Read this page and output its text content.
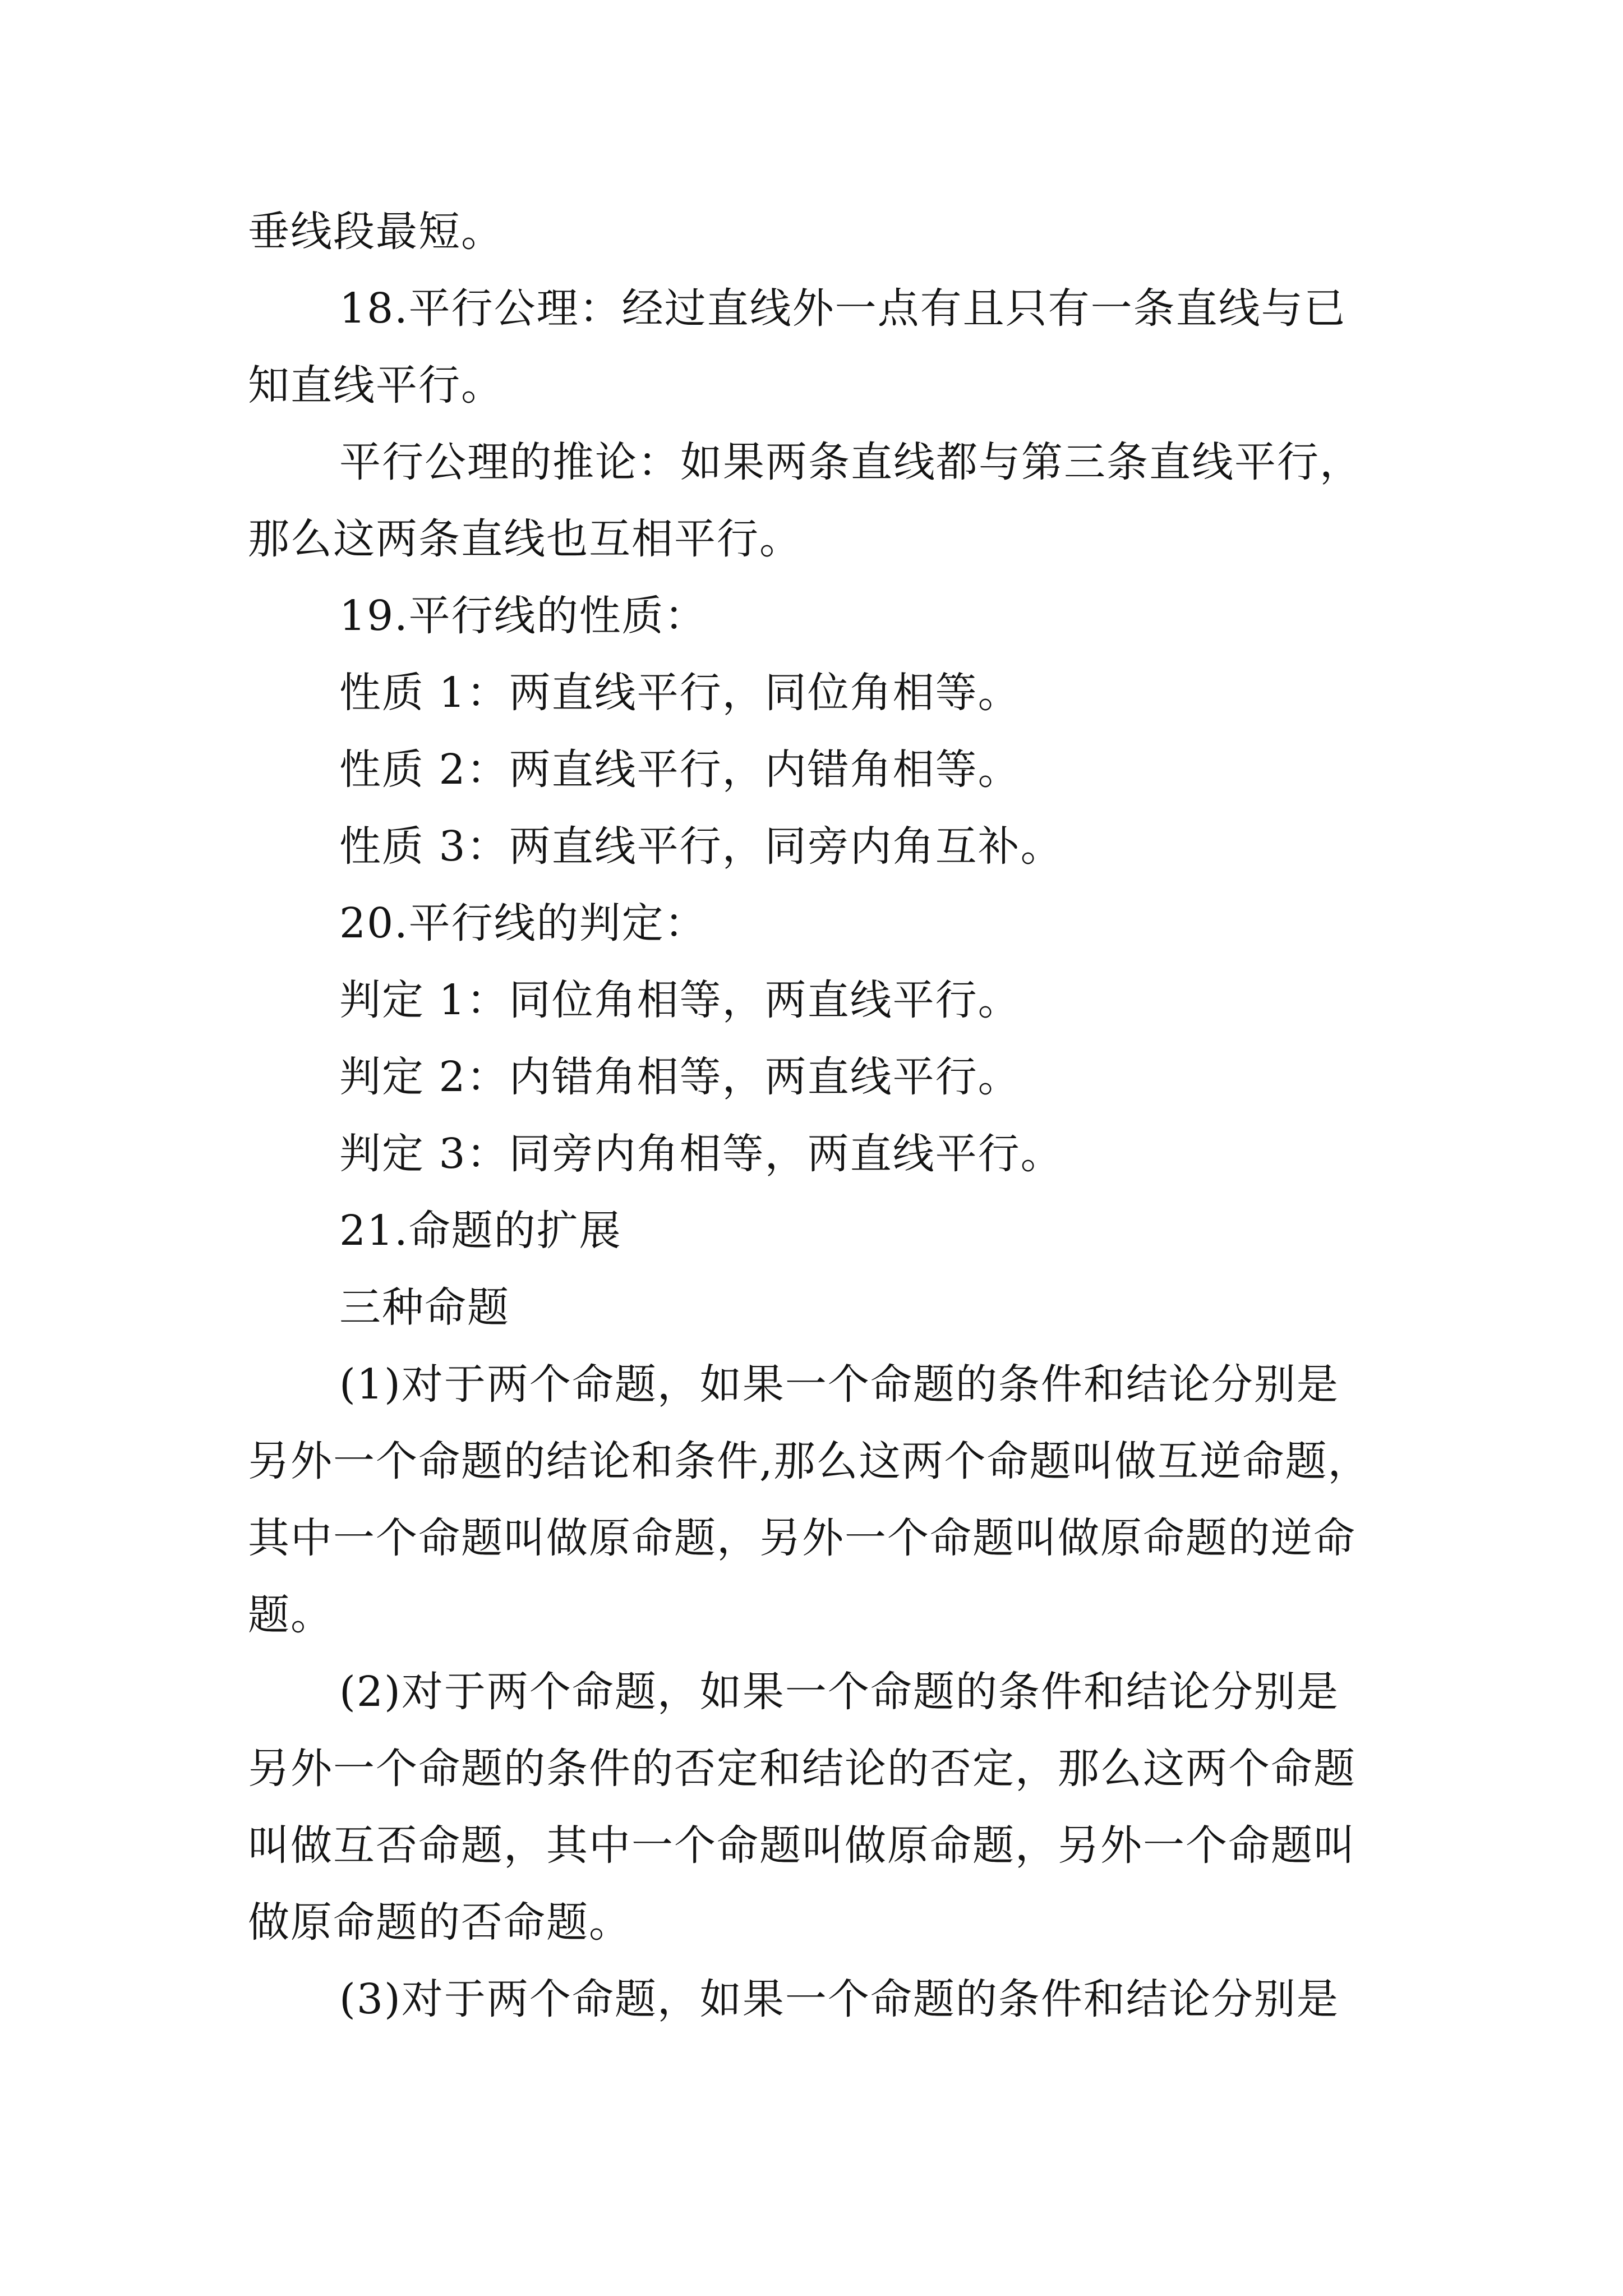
垂线段最短。
18.平行公理：经过直线外一点有且只有一条直线与已
知直线平行。
平行公理的推论：如果两条直线都与第三条直线平行，
那么这两条直线也互相平行。
19.平行线的性质：
性质 1：两直线平行，同位角相等。
性质 2：两直线平行，内错角相等。
性质 3：两直线平行，同旁内角互补。
20.平行线的判定：
判定 1：同位角相等，两直线平行。
判定 2：内错角相等，两直线平行。
判定 3：同旁内角相等，两直线平行。
21.命题的扩展
三种命题
(1)对于两个命题，如果一个命题的条件和结论分别是
另外一个命题的结论和条件,那么这两个命题叫做互逆命题，
其中一个命题叫做原命题，另外一个命题叫做原命题的逆命
题。
(2)对于两个命题，如果一个命题的条件和结论分别是
另外一个命题的条件的否定和结论的否定，那么这两个命题
叫做互否命题，其中一个命题叫做原命题，另外一个命题叫
做原命题的否命题。
(3)对于两个命题，如果一个命题的条件和结论分别是
